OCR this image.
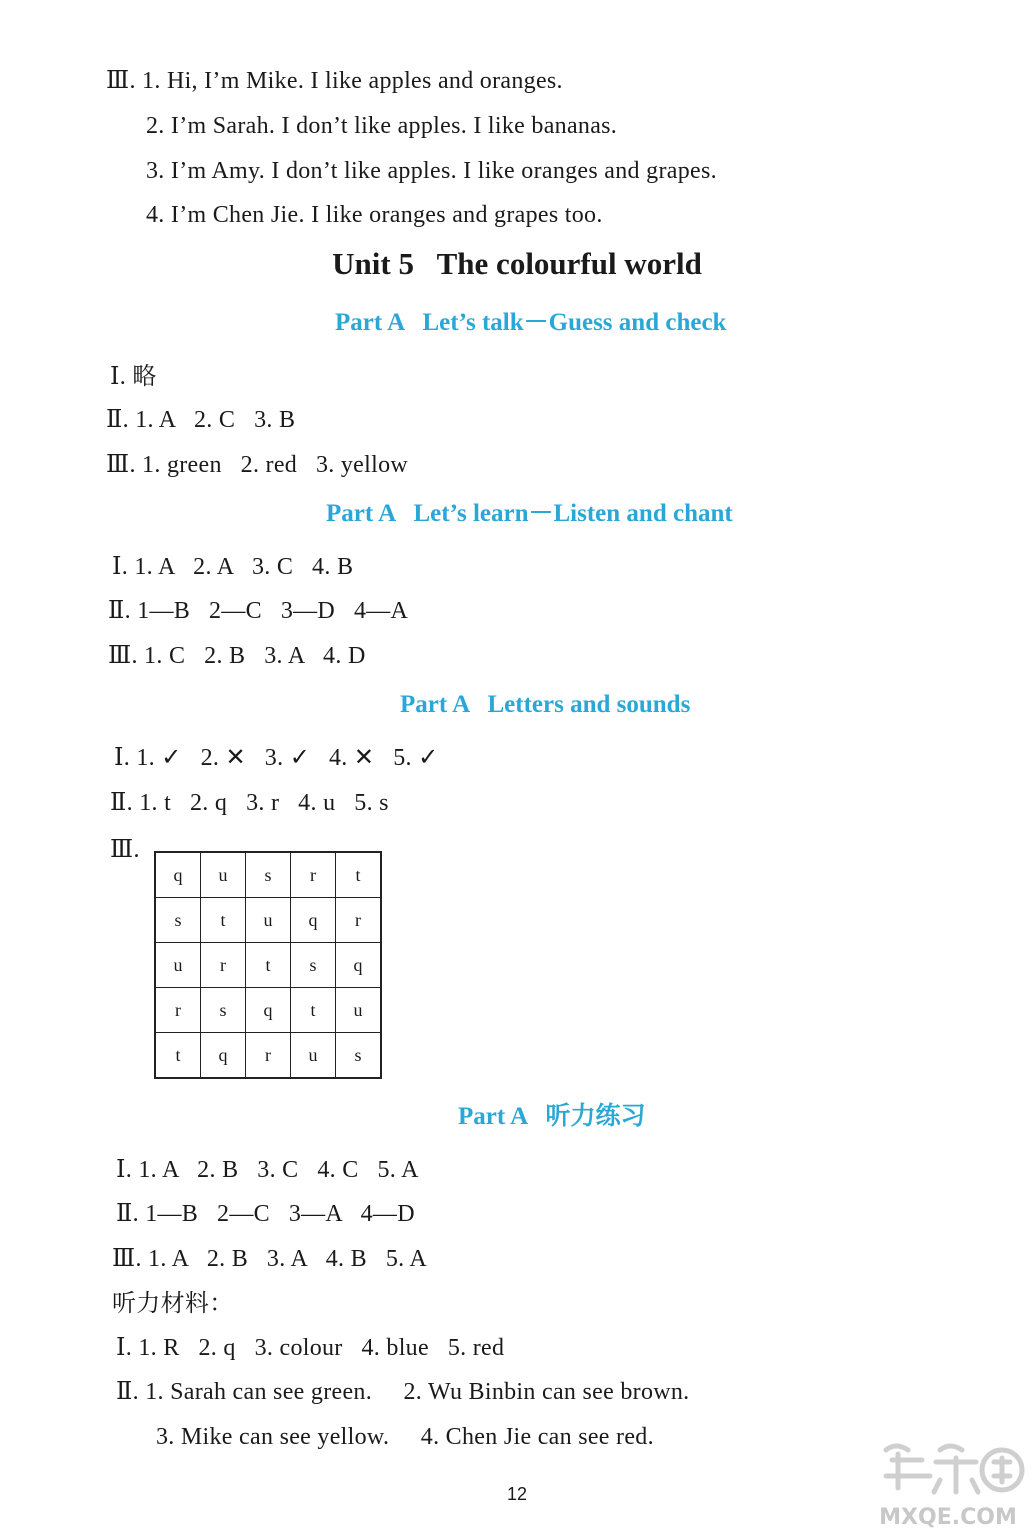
Ⅲ. 1. Hi, I’m Mike. I like apples and oranges.
2. I’m Sarah. I don’t like apples. I like bananas.
3. I’m Amy. I don’t like apples. I like oranges and grapes.
4. I’m Chen Jie. I like oranges and grapes too.
Unit 5   The colourful world
Part A   Let’s talk－Guess and check
Ⅰ. 略
Ⅱ. 1. A   2. C   3. B
Ⅲ. 1. green   2. red   3. yellow
Part A   Let’s learn－Listen and chant
Ⅰ. 1. A   2. A   3. C   4. B
Ⅱ. 1—B   2—C   3—D   4—A
Ⅲ. 1. C   2. B   3. A   4. D
Part A   Letters and sounds
Ⅰ. 1. ✓   2. ✕   3. ✓   4. ✕   5. ✓
Ⅱ. 1. t   2. q   3. r   4. u   5. s
Ⅲ.
q	u	s	r	t
s	t	u	q	r
u	r	t	s	q
r	s	q	t	u
t	q	r	u	s
Part A   听力练习
Ⅰ. 1. A   2. B   3. C   4. C   5. A
Ⅱ. 1—B   2—C   3—A   4—D
Ⅲ. 1. A   2. B   3. A   4. B   5. A
听力材料：
Ⅰ. 1. R   2. q   3. colour   4. blue   5. red
Ⅱ. 1. Sarah can see green.     2. Wu Binbin can see brown.
3. Mike can see yellow.     4. Chen Jie can see red.
12
MXQE.COM
